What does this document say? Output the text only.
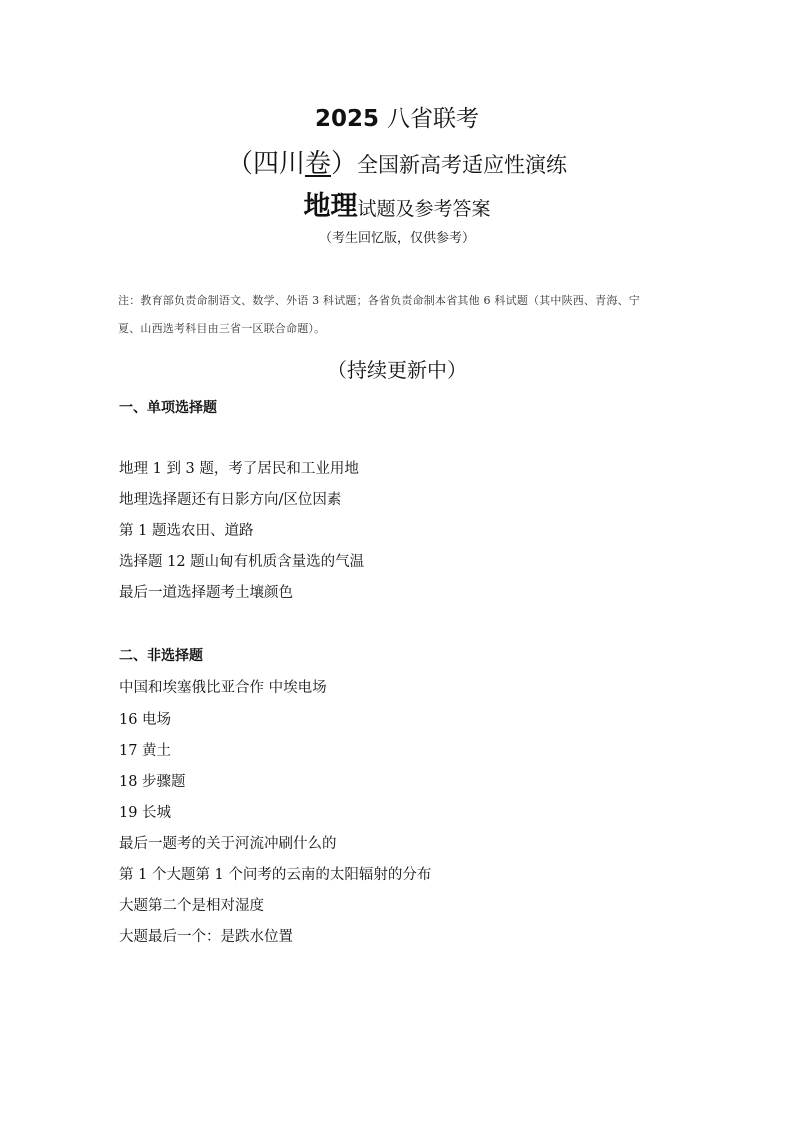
2025 八省联考
（四川卷）全国新高考适应性演练
地理试题及参考答案
（考生回忆版，仅供参考）
注：教育部负责命制语文、数学、外语 3 科试题；各省负责命制本省其他 6 科试题（其中陕西、青海、宁
夏、山西选考科目由三省一区联合命题）。
（持续更新中）
一、单项选择题
地理 1 到 3 题，考了居民和工业用地
地理选择题还有日影方向/区位因素
第 1 题选农田、道路
选择题 12 题山甸有机质含量选的气温
最后一道选择题考土壤颜色
二、非选择题
中国和埃塞俄比亚合作 中埃电场
16 电场
17 黄土
18 步骤题
19 长城
最后一题考的关于河流冲刷什么的
第 1 个大题第 1 个问考的云南的太阳辐射的分布
大题第二个是相对湿度
大题最后一个：是跌水位置
